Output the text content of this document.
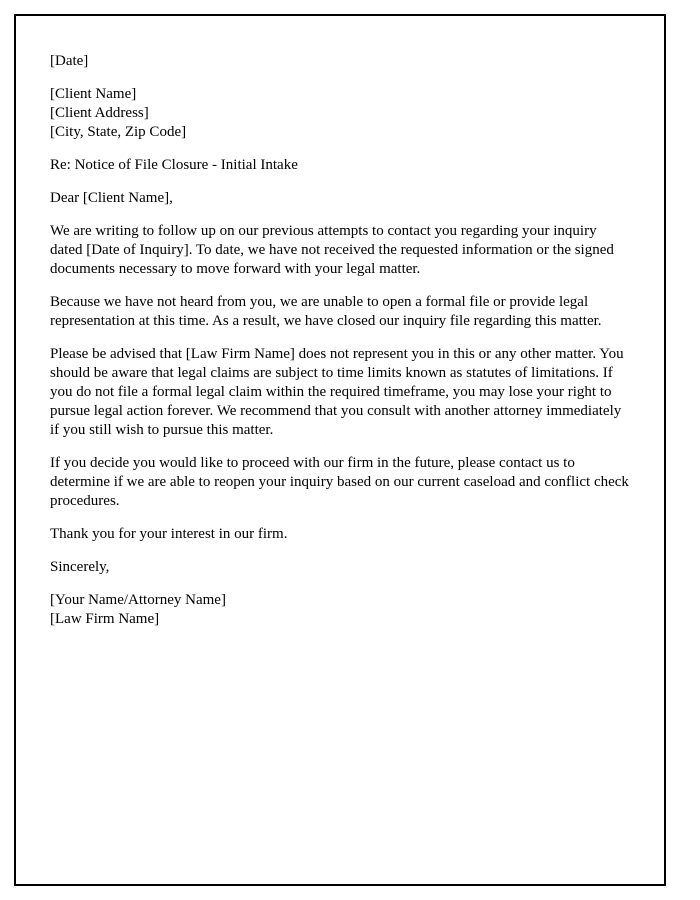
[Date]

[Client Name]

[Client Address]

[City, State, Zip Code]

Re: Notice of File Closure - Initial Intake

Dear [Client Name],

We are writing to follow up on our previous attempts to contact you regarding your inquiry dated [Date of Inquiry]. To date, we have not received the requested information or the signed documents necessary to move forward with your legal matter.

Because we have not heard from you, we are unable to open a formal file or provide legal representation at this time. As a result, we have closed our inquiry file regarding this matter.

Please be advised that [Law Firm Name] does not represent you in this or any other matter. You should be aware that legal claims are subject to time limits known as statutes of limitations. If you do not file a formal legal claim within the required timeframe, you may lose your right to pursue legal action forever. We recommend that you consult with another attorney immediately if you still wish to pursue this matter.

If you decide you would like to proceed with our firm in the future, please contact us to determine if we are able to reopen your inquiry based on our current caseload and conflict check procedures.

Thank you for your interest in our firm.

Sincerely,

[Your Name/Attorney Name]

[Law Firm Name]
